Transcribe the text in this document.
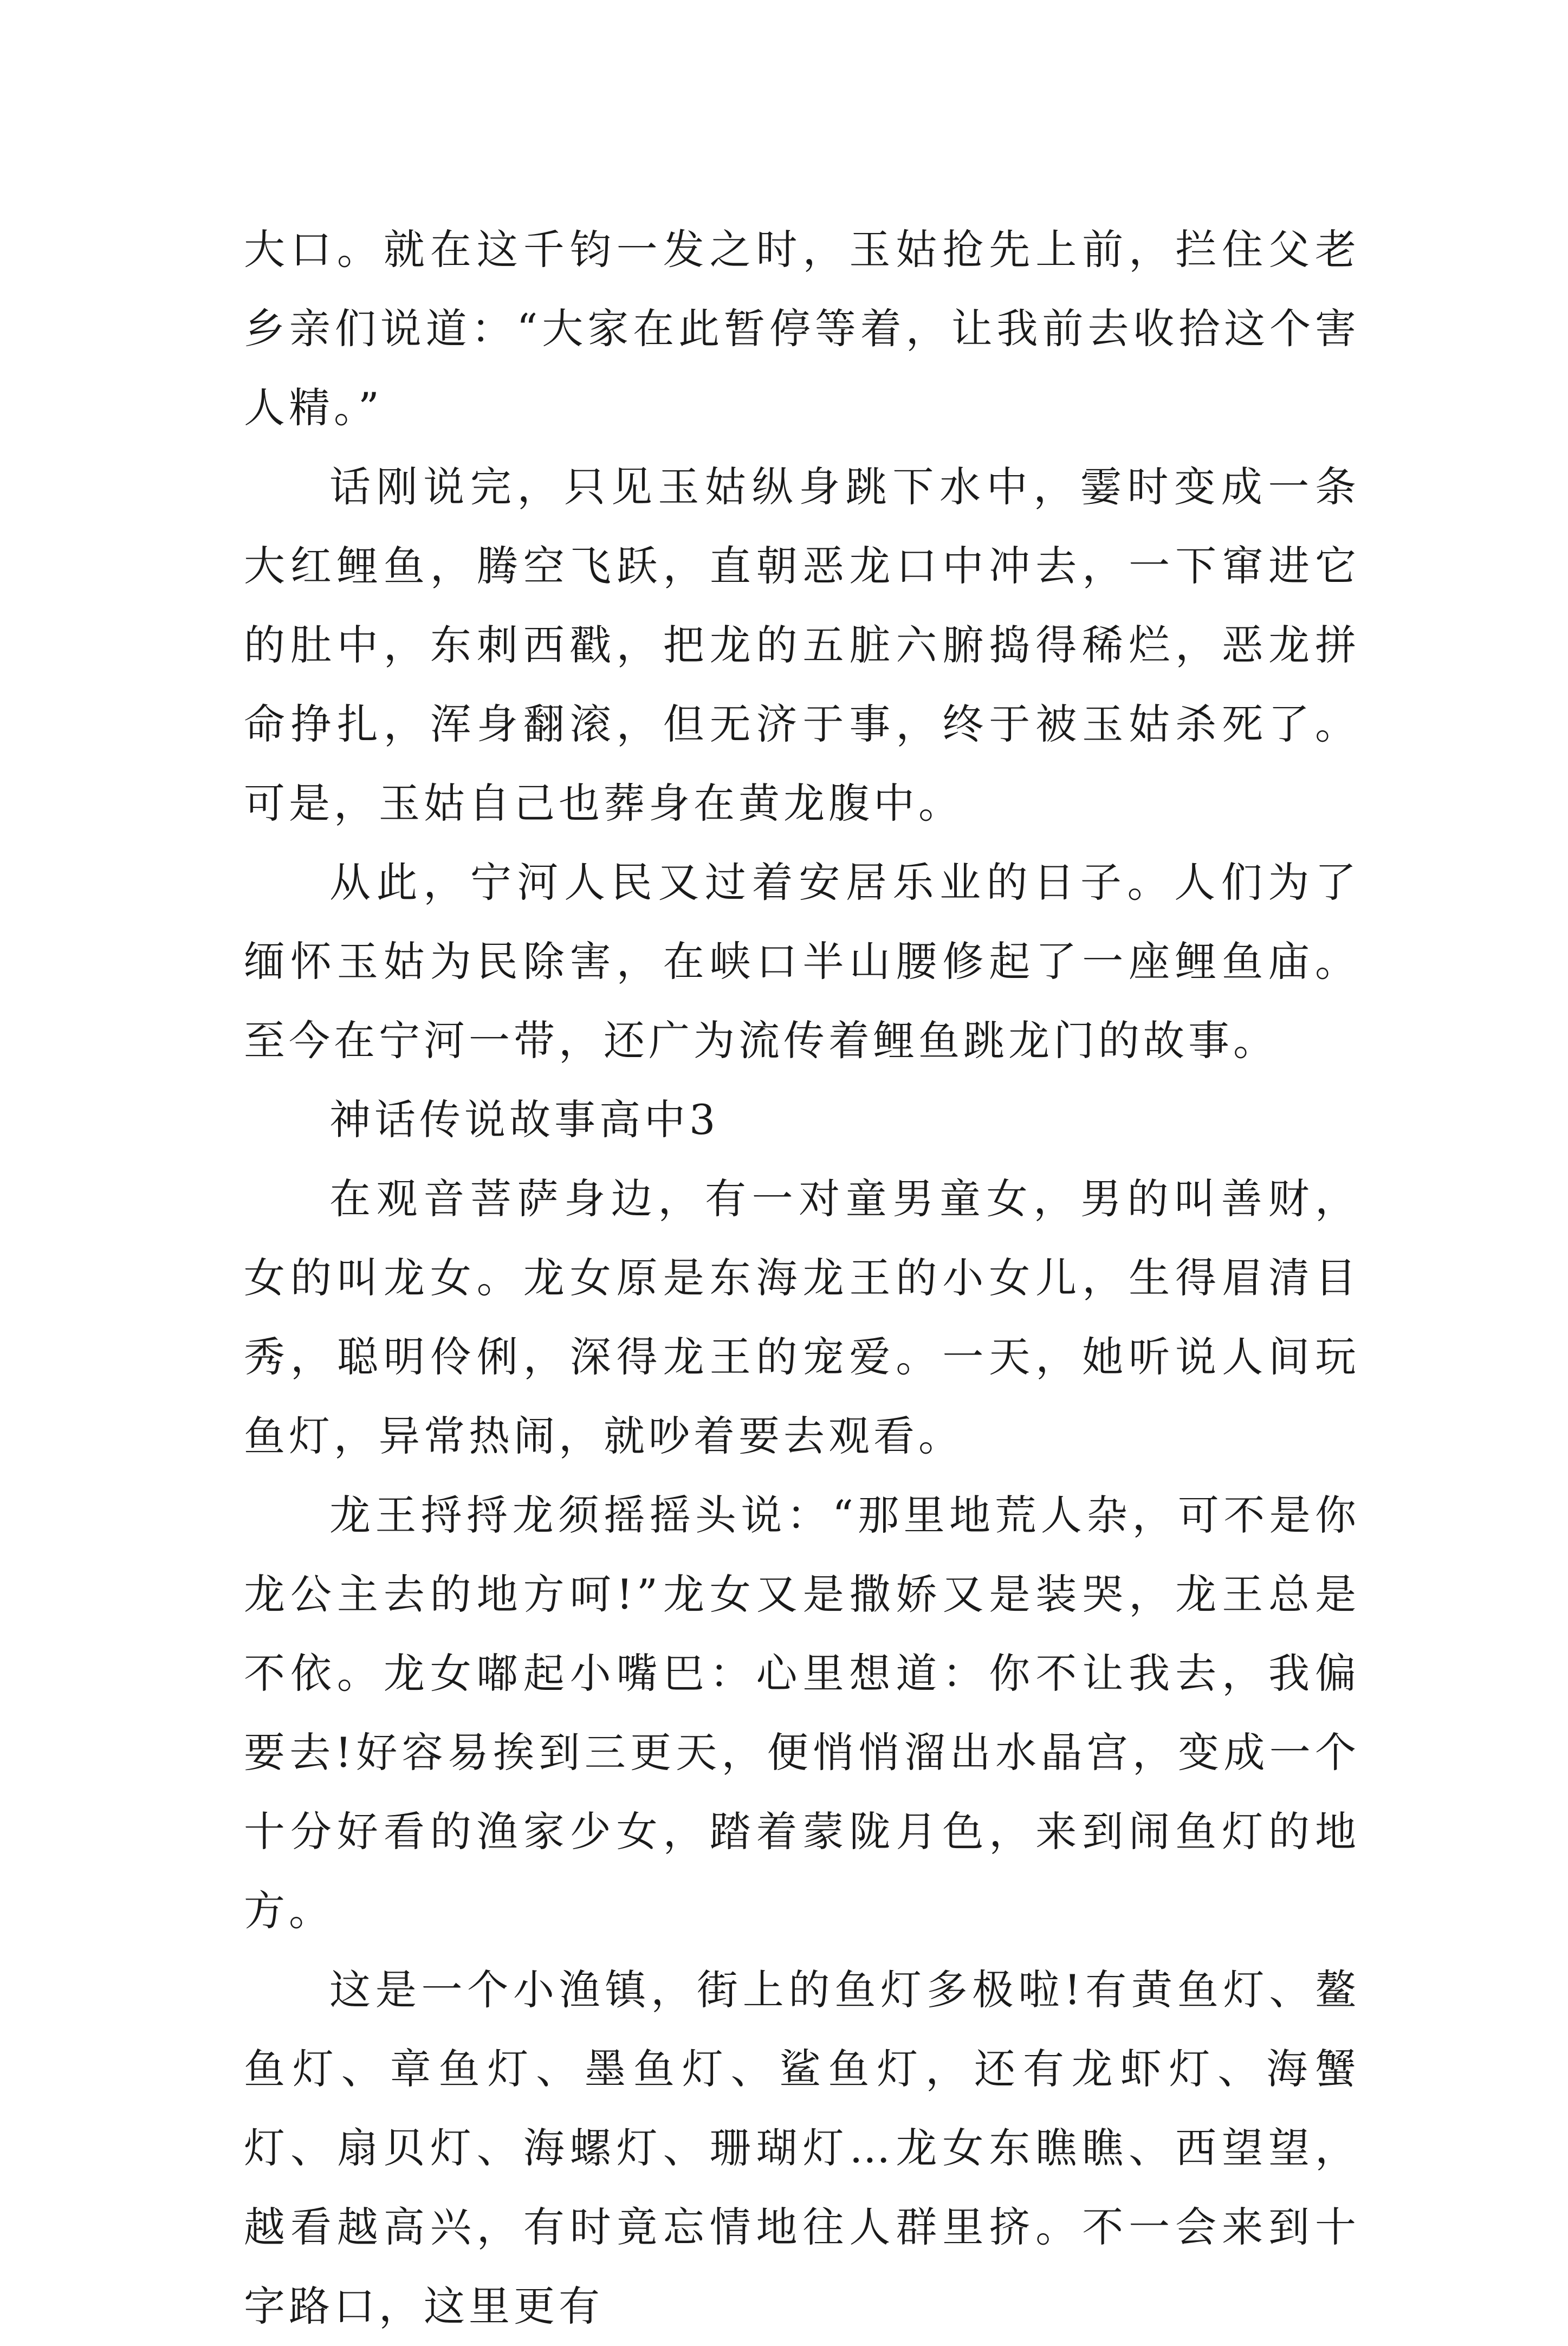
大口。就在这千钧一发之时，玉姑抢先上前，拦住父老乡亲们说道：“大家在此暂停等着，让我前去收拾这个害人精。”

话刚说完，只见玉姑纵身跳下水中，霎时变成一条大红鲤鱼，腾空飞跃，直朝恶龙口中冲去，一下窜进它的肚中，东刺西戳，把龙的五脏六腑捣得稀烂，恶龙拼命挣扎，浑身翻滚，但无济于事，终于被玉姑杀死了。可是，玉姑自己也葬身在黄龙腹中。

从此，宁河人民又过着安居乐业的日子。人们为了缅怀玉姑为民除害，在峡口半山腰修起了一座鲤鱼庙。至今在宁河一带，还广为流传着鲤鱼跳龙门的故事。

神话传说故事高中3

在观音菩萨身边，有一对童男童女，男的叫善财，女的叫龙女。龙女原是东海龙王的小女儿，生得眉清目秀，聪明伶俐，深得龙王的宠爱。一天，她听说人间玩鱼灯，异常热闹，就吵着要去观看。

龙王捋捋龙须摇摇头说：“那里地荒人杂，可不是你龙公主去的地方呵!”龙女又是撒娇又是装哭，龙王总是不依。龙女嘟起小嘴巴：心里想道：你不让我去，我偏要去!好容易挨到三更天，便悄悄溜出水晶宫，变成一个十分好看的渔家少女，踏着蒙陇月色，来到闹鱼灯的地方。

这是一个小渔镇，街上的鱼灯多极啦!有黄鱼灯、鳌鱼灯、章鱼灯、墨鱼灯、鲨鱼灯，还有龙虾灯、海蟹灯、扇贝灯、海螺灯、珊瑚灯…龙女东瞧瞧、西望望，越看越高兴，有时竟忘情地往人群里挤。不一会来到十字路口，这里更有
